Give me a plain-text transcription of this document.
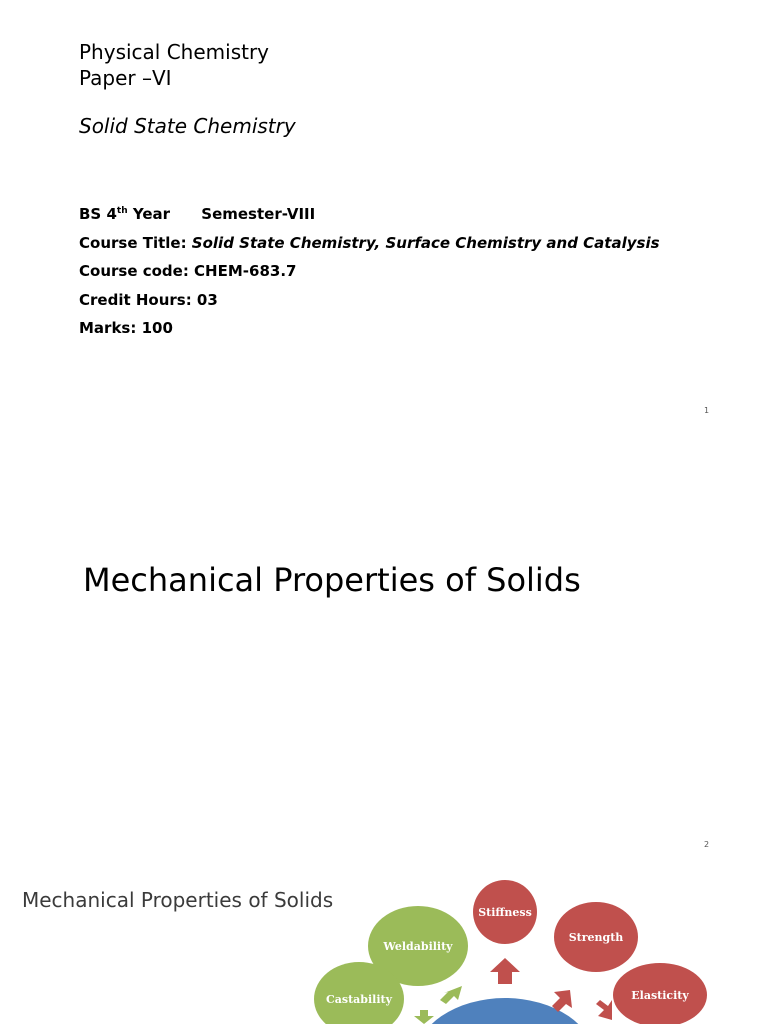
Physical Chemistry
Paper –VI
Solid State Chemistry
BS 4th Year Semester-VIII
Course Title: Solid State Chemistry, Surface Chemistry and Catalysis
Course code: CHEM-683.7
Credit Hours: 03
Marks: 100
1
Mechanical Properties of Solids
2
Mechanical Properties of Solids
Stiffness
Weldability
Strength
Castability	Elasticity
